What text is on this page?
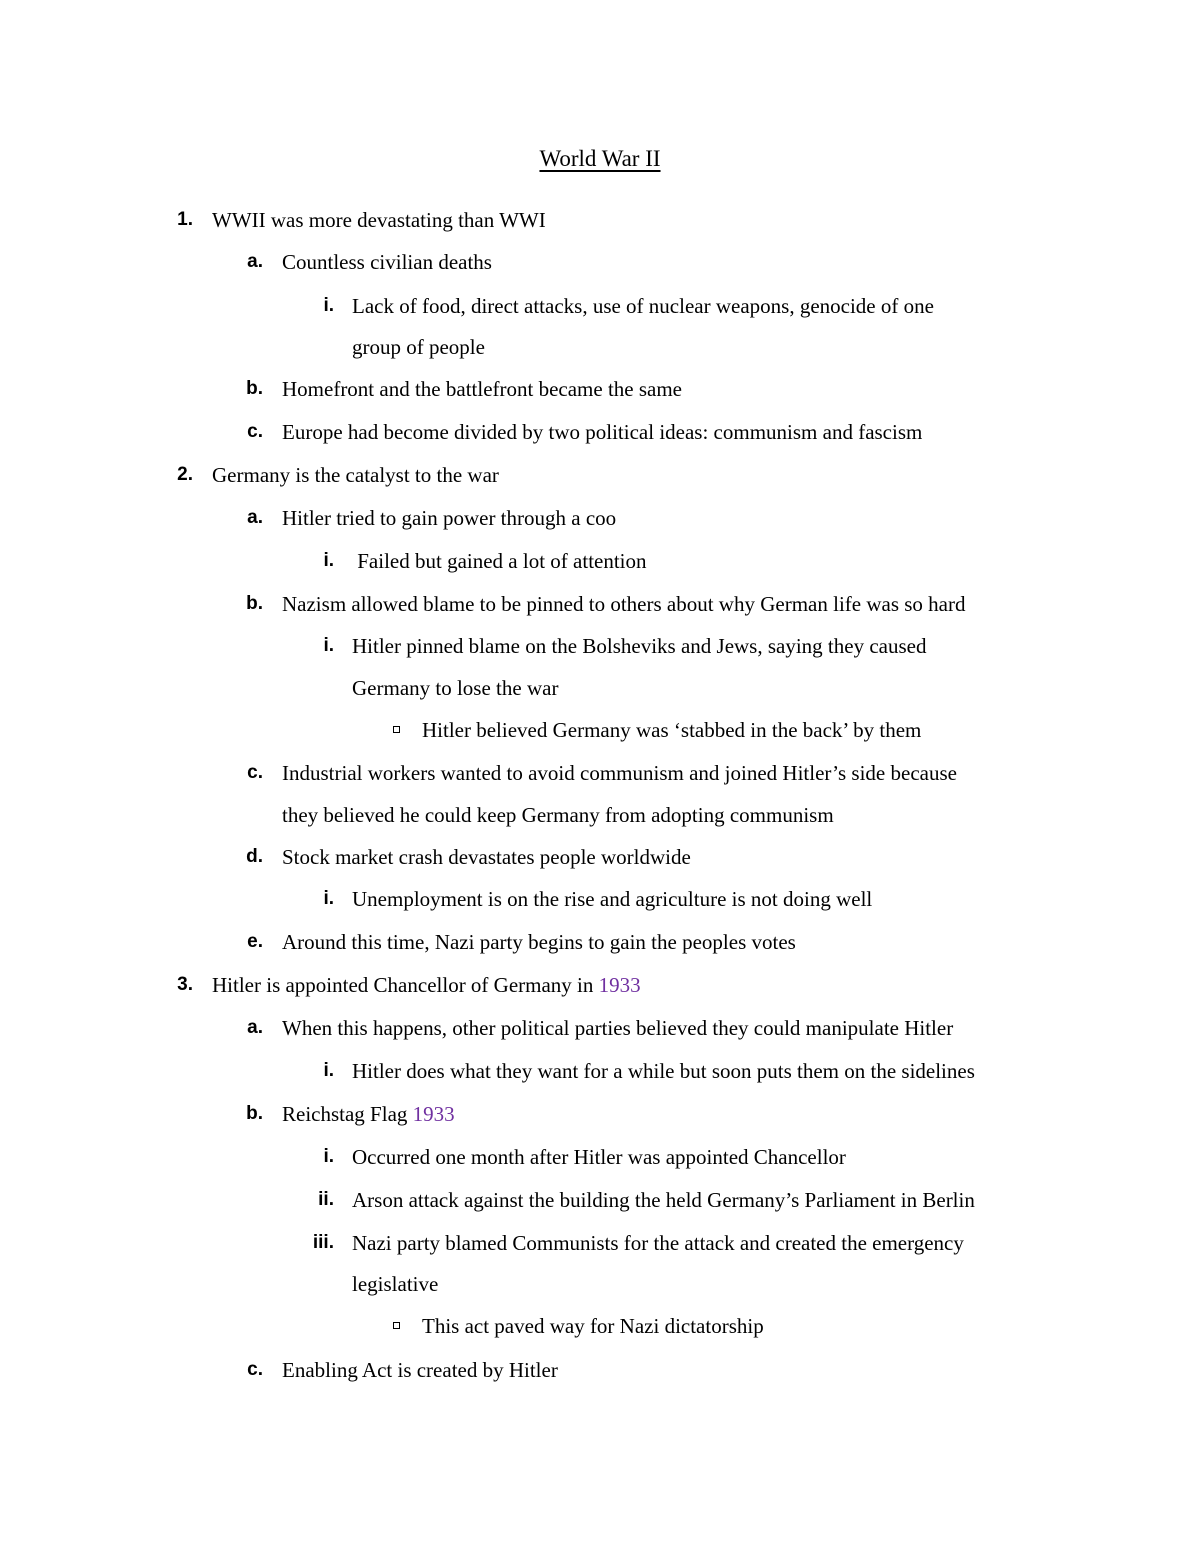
World War II
1. WWII was more devastating than WWI
a. Countless civilian deaths
i. Lack of food, direct attacks, use of nuclear weapons, genocide of one
group of people
b. Homefront and the battlefront became the same
c. Europe had become divided by two political ideas: communism and fascism
2. Germany is the catalyst to the war
a. Hitler tried to gain power through a coo
i. Failed but gained a lot of attention
b. Nazism allowed blame to be pinned to others about why German life was so hard
i. Hitler pinned blame on the Bolsheviks and Jews, saying they caused
Germany to lose the war
Hitler believed Germany was ‘stabbed in the back’ by them
c. Industrial workers wanted to avoid communism and joined Hitler’s side because
they believed he could keep Germany from adopting communism
d. Stock market crash devastates people worldwide
i. Unemployment is on the rise and agriculture is not doing well
e. Around this time, Nazi party begins to gain the peoples votes
3. Hitler is appointed Chancellor of Germany in 1933
a. When this happens, other political parties believed they could manipulate Hitler
i. Hitler does what they want for a while but soon puts them on the sidelines
b. Reichstag Flag 1933
i. Occurred one month after Hitler was appointed Chancellor
ii. Arson attack against the building the held Germany’s Parliament in Berlin
iii. Nazi party blamed Communists for the attack and created the emergency
legislative
This act paved way for Nazi dictatorship
c. Enabling Act is created by Hitler
